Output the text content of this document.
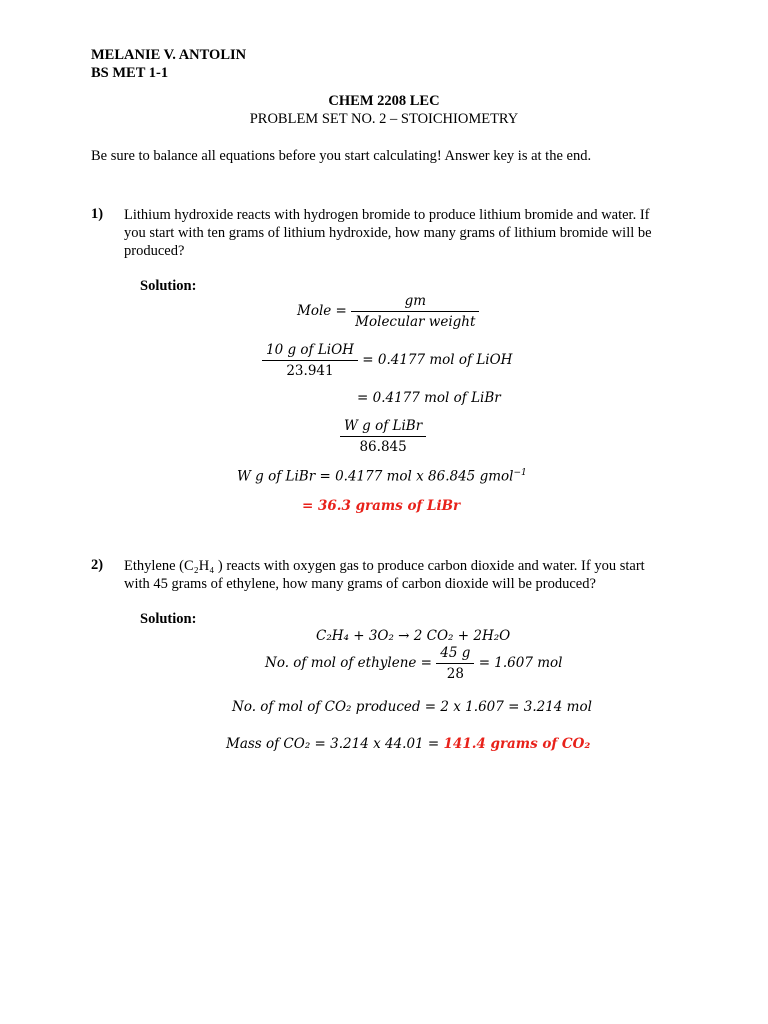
MELANIE V. ANTOLIN
BS MET 1-1
CHEM 2208 LEC
PROBLEM SET NO. 2 – STOICHIOMETRY
Be sure to balance all equations before you start calculating! Answer key is at the end.
1) Lithium hydroxide reacts with hydrogen bromide to produce lithium bromide and water. If
you start with ten grams of lithium hydroxide, how many grams of lithium bromide will be
produced?
Solution:
Mole = $\frac{gm}{\text{Molecular weight}}$
$\frac{\text{10 g of LiOH}}{23.941} = 0.4177$ mol of LiOH
= 0.4177 mol of LiBr
$\frac{\text{W g of LiBr}}{86.845}$
W g of LiBr = 0.4177 mol x 86.845 gmol$^{-1}$
= 36.3 grams of LiBr
2) Ethylene (C₂H₄ ) reacts with oxygen gas to produce carbon dioxide and water. If you start
with 45 grams of ethylene, how many grams of carbon dioxide will be produced?
Solution:
C₂H₄ + 3O₂ → 2 CO₂ + 2H₂O
No. of mol of ethylene = $\frac{45 g}{28} = 1.607$ mol
No. of mol of CO₂ produced = 2 x 1.607 = 3.214 mol
Mass of CO₂ = 3.214 x 44.01 = 141.4 grams of CO₂
